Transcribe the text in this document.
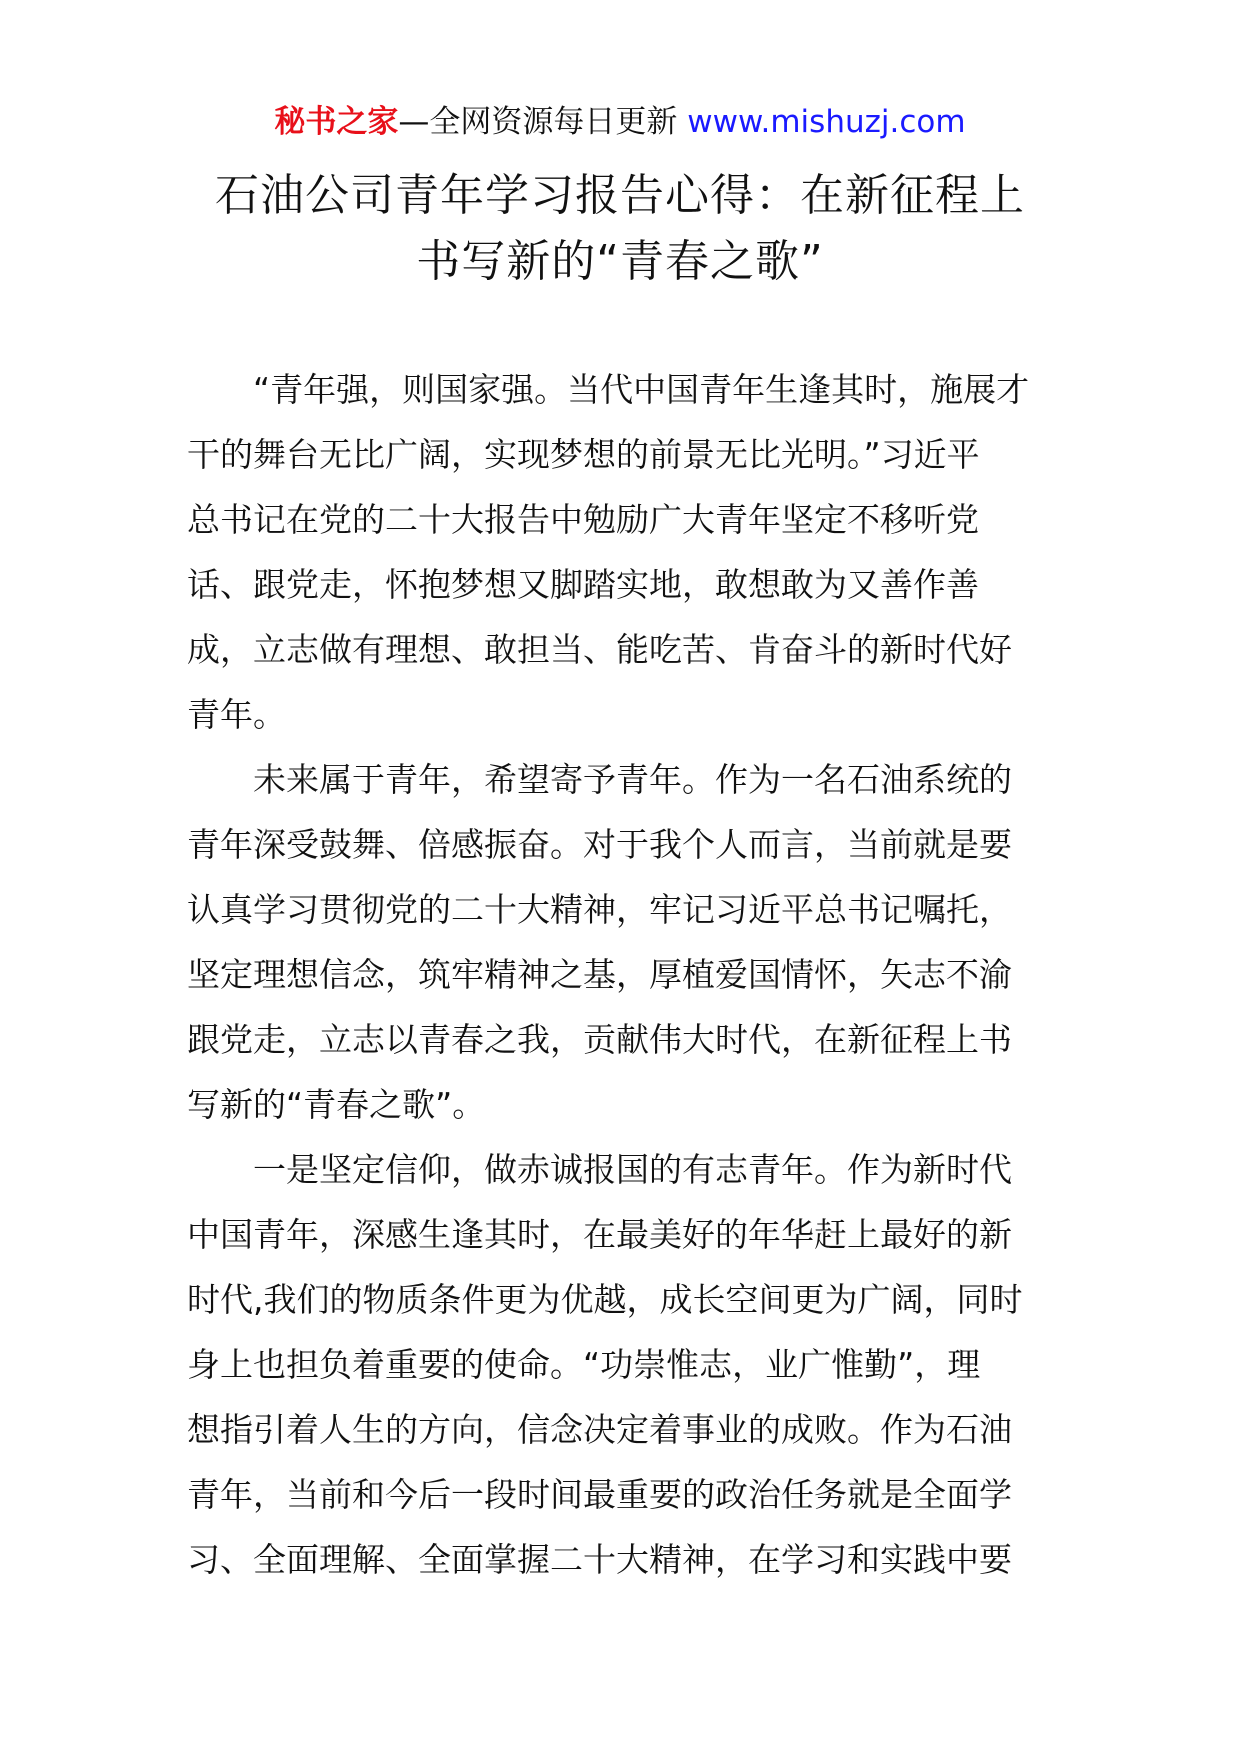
秘书之家—全网资源每日更新 www.mishuzj.com
石油公司青年学习报告心得：在新征程上
书写新的“青春之歌”
“青年强，则国家强。当代中国青年生逢其时，施展才
干的舞台无比广阔，实现梦想的前景无比光明。”习近平
总书记在党的二十大报告中勉励广大青年坚定不移听党
话、跟党走，怀抱梦想又脚踏实地，敢想敢为又善作善
成，立志做有理想、敢担当、能吃苦、肯奋斗的新时代好
青年。
未来属于青年，希望寄予青年。作为一名石油系统的
青年深受鼓舞、倍感振奋。对于我个人而言，当前就是要
认真学习贯彻党的二十大精神，牢记习近平总书记嘱托，
坚定理想信念，筑牢精神之基，厚植爱国情怀，矢志不渝
跟党走，立志以青春之我，贡献伟大时代，在新征程上书
写新的“青春之歌”。
一是坚定信仰，做赤诚报国的有志青年。作为新时代
中国青年，深感生逢其时，在最美好的年华赶上最好的新
时代,我们的物质条件更为优越，成长空间更为广阔，同时
身上也担负着重要的使命。“功崇惟志，业广惟勤”，理
想指引着人生的方向，信念决定着事业的成败。作为石油
青年，当前和今后一段时间最重要的政治任务就是全面学
习、全面理解、全面掌握二十大精神，在学习和实践中要
